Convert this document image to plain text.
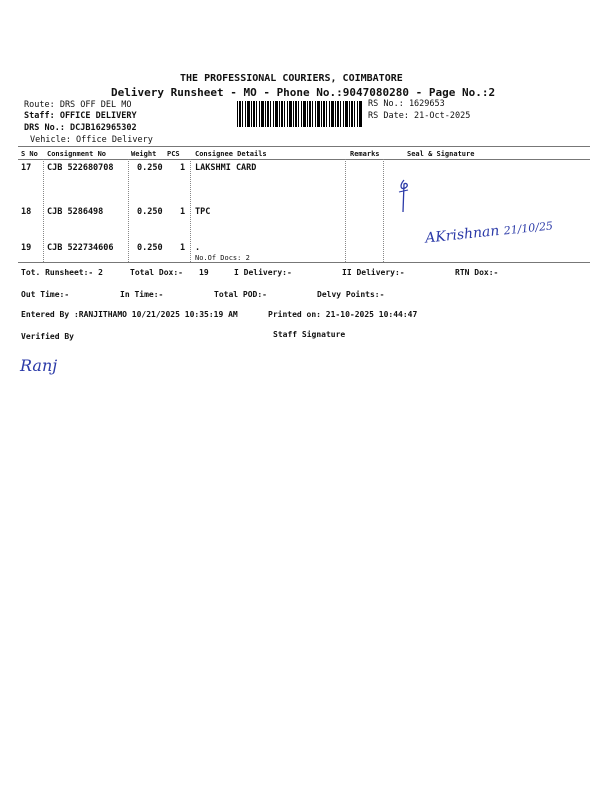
THE PROFESSIONAL COURIERS, COIMBATORE
Delivery Runsheet - MO - Phone No.:9047080280 - Page No.:2
Route: DRS OFF DEL MO
Staff: OFFICE DELIVERY
DRS No.: DCJB162965302
Vehicle: Office Delivery
RS No.: 1629653
RS Date: 21-Oct-2025
S No Consignment No	Weight PCS Consignee Details	Remarks	Seal & Signature
17 CJB 522680708	0.250 1 LAKSHMI CARD
18 CJB 5286498	0.250 1 TPC
19 CJB 522734606	0.250 1 .
No.Of Docs: 2
AKrishnan 21/10/25
Tot. Runsheet:- 2	Total Dox:- 19	I Delivery:-	II Delivery:-	RTN Dox:-
Out Time:-	In Time:-	Total POD:-	Delvy Points:-
Entered By :RANJITHAMO 10/21/2025 10:35:19 AM	Printed on: 21-10-2025 10:44:47
Verified By	Staff Signature
Ranj
